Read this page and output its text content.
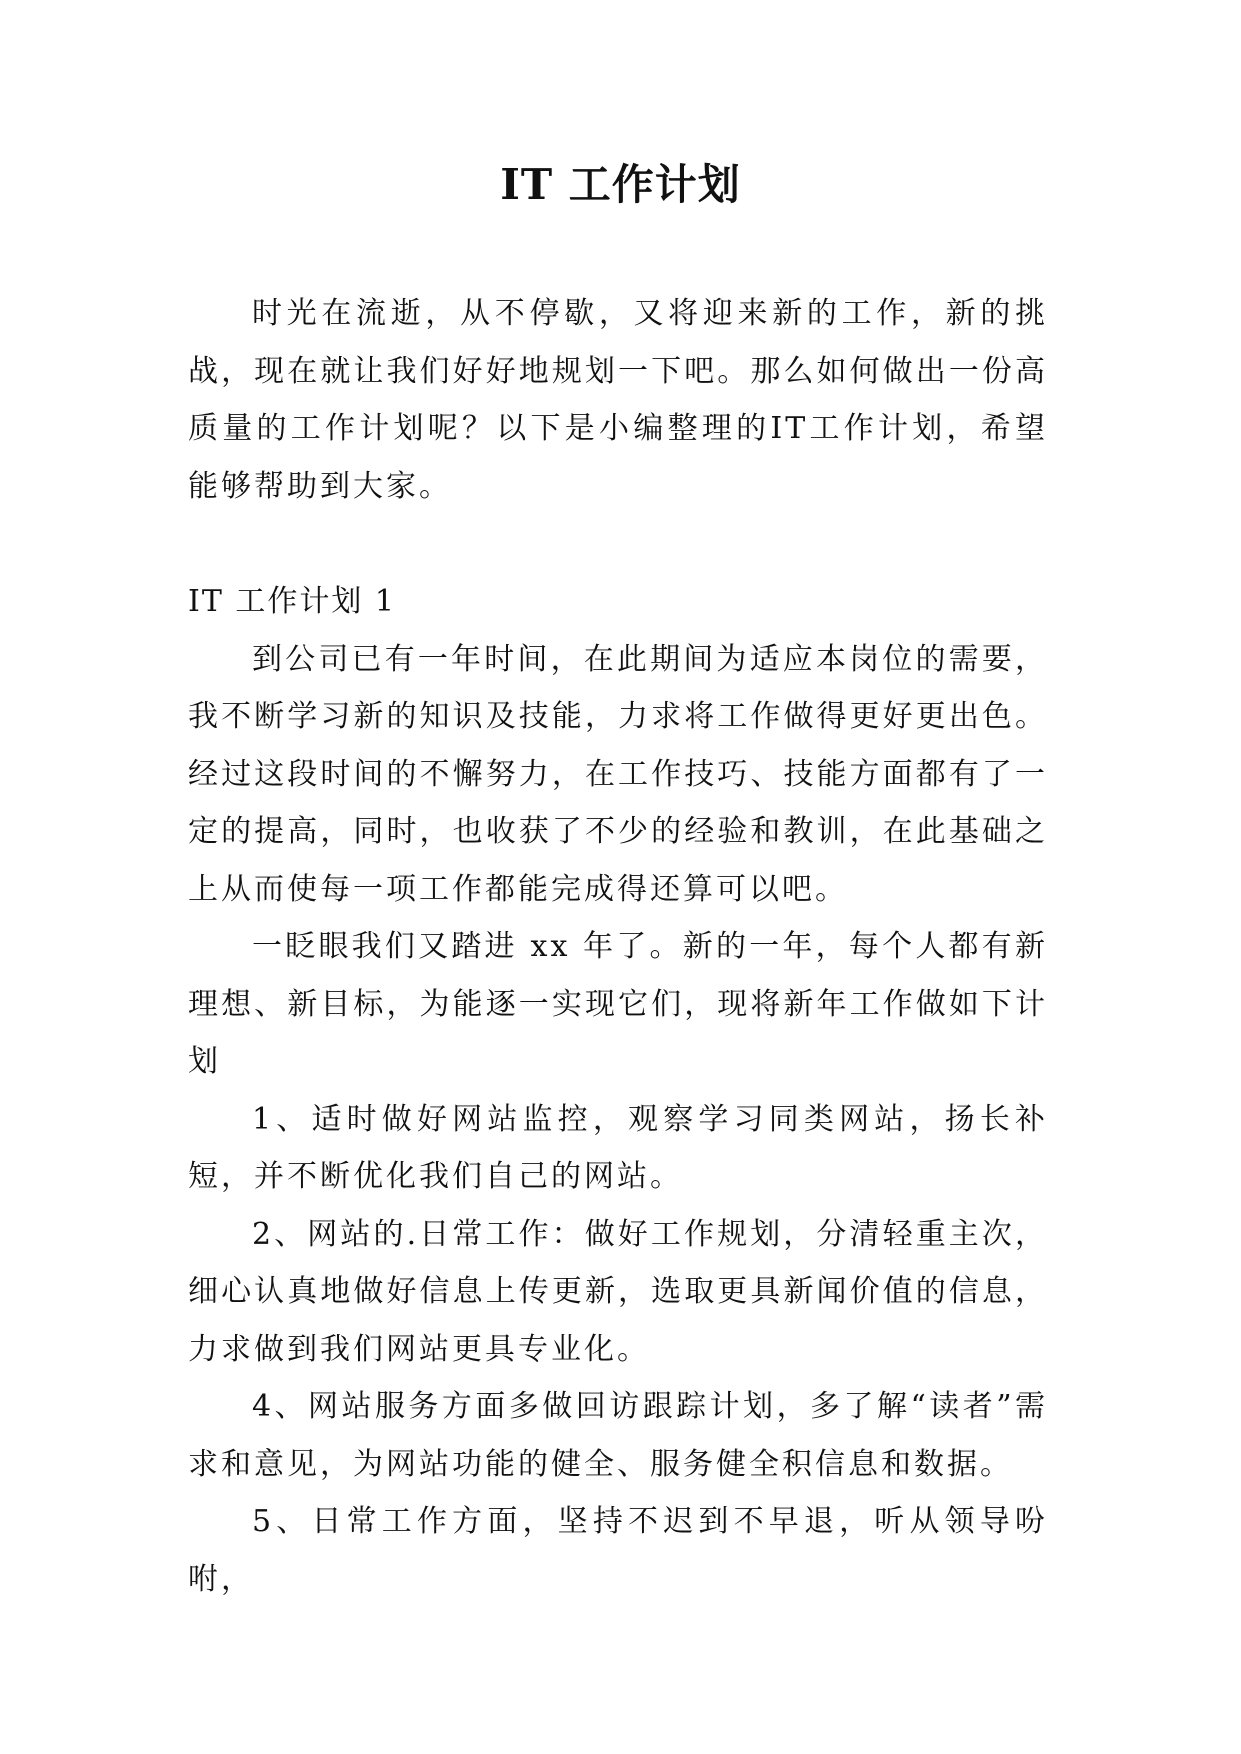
IT 工作计划

时光在流逝，从不停歇，又将迎来新的工作，新的挑战，现在就让我们好好地规划一下吧。那么如何做出一份高质量的工作计划呢？以下是小编整理的IT工作计划，希望能够帮助到大家。

IT 工作计划 1

到公司已有一年时间，在此期间为适应本岗位的需要，我不断学习新的知识及技能，力求将工作做得更好更出色。经过这段时间的不懈努力，在工作技巧、技能方面都有了一定的提高，同时，也收获了不少的经验和教训，在此基础之上从而使每一项工作都能完成得还算可以吧。

一眨眼我们又踏进 xx 年了。新的一年，每个人都有新理想、新目标，为能逐一实现它们，现将新年工作做如下计划

1、适时做好网站监控，观察学习同类网站，扬长补短，并不断优化我们自己的网站。

2、网站的.日常工作：做好工作规划，分清轻重主次，细心认真地做好信息上传更新，选取更具新闻价值的信息，力求做到我们网站更具专业化。

4、网站服务方面多做回访跟踪计划，多了解“读者”需求和意见，为网站功能的健全、服务健全积信息和数据。

5、日常工作方面，坚持不迟到不早退，听从领导吩咐，
